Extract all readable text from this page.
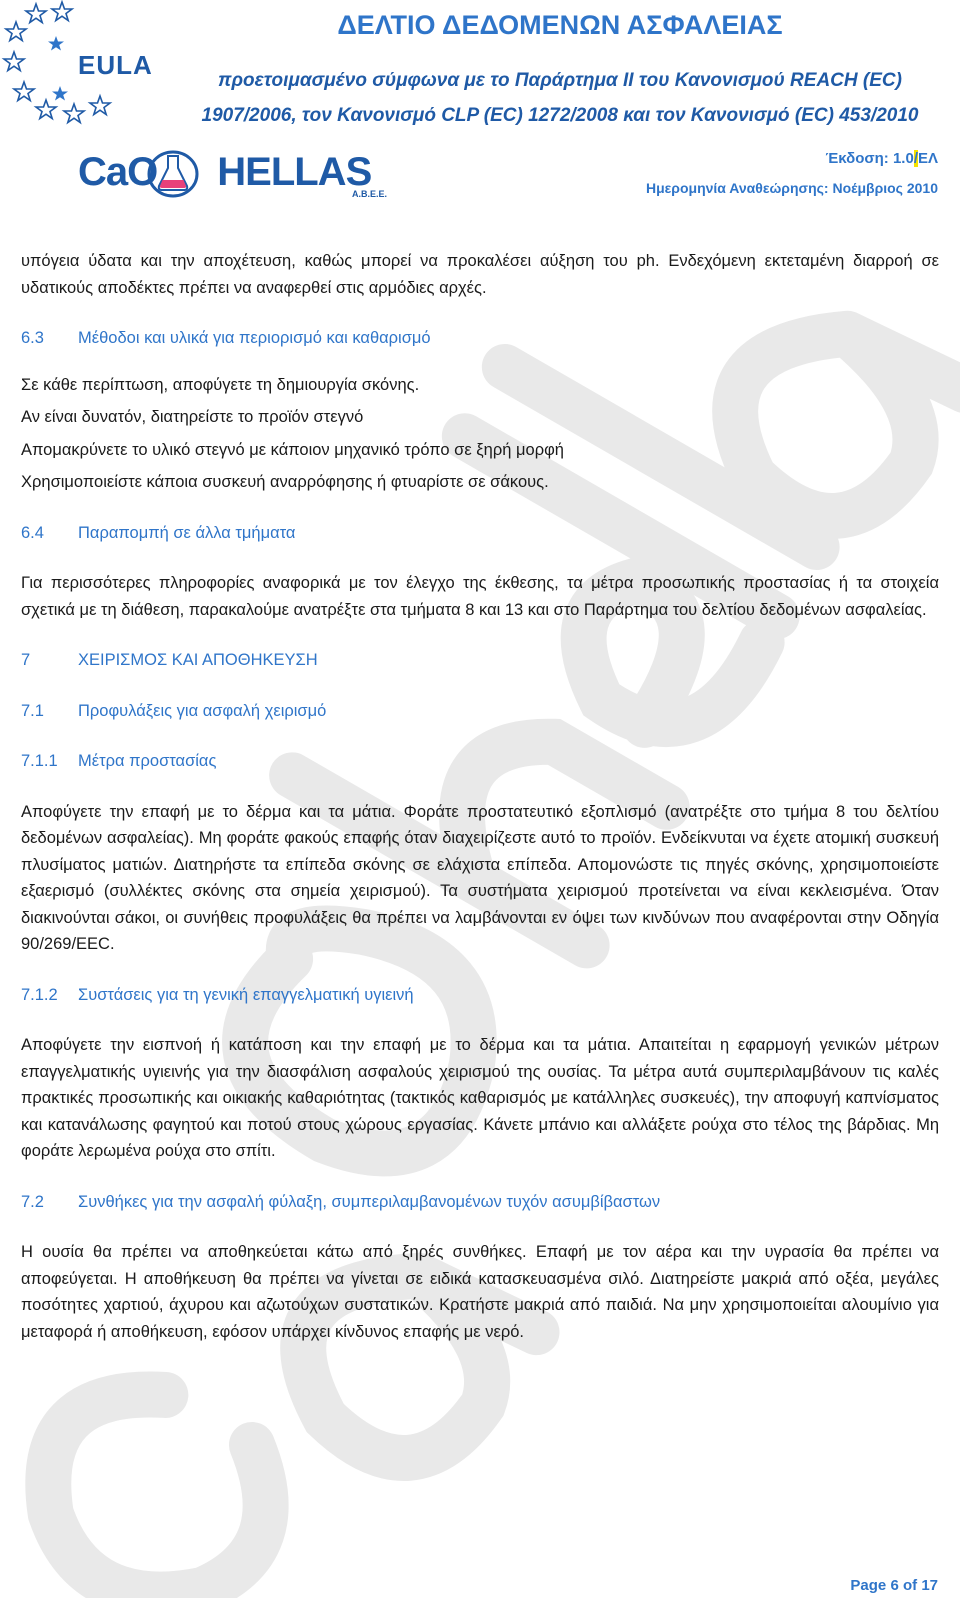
EULA
ΔΕΛΤΙΟ ΔΕΔΟΜΕΝΩΝ ΑΣΦΑΛΕΙΑΣ
προετοιμασμένο σύμφωνα με το Παράρτημα II του Κανονισμού REACH (EC)
1907/2006, τον Κανονισμό CLP (EC) 1272/2008 και τον Κανονισμό (EC) 453/2010
CaO HELLAS
A.B.E.E.
Έκδοση: 1.0/ΕΛ
Ημερομηνία Αναθεώρησης: Νοέμβριος 2010

υπόγεια ύδατα και την αποχέτευση, καθώς μπορεί να προκαλέσει αύξηση του ph. Ενδεχόμενη εκτεταμένη διαρροή σε υδατικούς αποδέκτες πρέπει να αναφερθεί στις αρμόδιες αρχές.

6.3 Μέθοδοι και υλικά για περιορισμό και καθαρισμό

Σε κάθε περίπτωση, αποφύγετε τη δημιουργία σκόνης.

Αν είναι δυνατόν, διατηρείστε το προϊόν στεγνό

Απομακρύνετε το υλικό στεγνό με κάποιον μηχανικό τρόπο σε ξηρή μορφή

Χρησιμοποιείστε κάποια συσκευή αναρρόφησης ή φτυαρίστε σε σάκους.

6.4 Παραπομπή σε άλλα τμήματα

Για περισσότερες πληροφορίες αναφορικά με τον έλεγχο της έκθεσης, τα μέτρα προσωπικής προστασίας ή τα στοιχεία σχετικά με τη διάθεση, παρακαλούμε ανατρέξτε στα τμήματα 8 και 13 και στο Παράρτημα του δελτίου δεδομένων ασφαλείας.

7	ΧΕΙΡΙΣΜΟΣ ΚΑΙ ΑΠΟΘΗΚΕΥΣΗ
7.1 Προφυλάξεις για ασφαλή χειρισμό
7.1.1 Μέτρα προστασίας

Αποφύγετε την επαφή με το δέρμα και τα μάτια. Φοράτε προστατευτικό εξοπλισμό (ανατρέξτε στο τμήμα 8 του δελτίου δεδομένων ασφαλείας). Μη φοράτε φακούς επαφής όταν διαχειρίζεστε αυτό το προϊόν. Ενδείκνυται να έχετε ατομική συσκευή πλυσίματος ματιών. Διατηρήστε τα επίπεδα σκόνης σε ελάχιστα επίπεδα. Απομονώστε τις πηγές σκόνης, χρησιμοποιείστε εξαερισμό (συλλέκτες σκόνης στα σημεία χειρισμού). Τα συστήματα χειρισμού προτείνεται να είναι κεκλεισμένα. Όταν διακινούνται σάκοι, οι συνήθεις προφυλάξεις θα πρέπει να λαμβάνονται εν όψει των κινδύνων που αναφέρονται στην Οδηγία 90/269/EEC.

7.1.2 Συστάσεις για τη γενική επαγγελματική υγιεινή

Αποφύγετε την εισπνοή ή κατάποση και την επαφή με το δέρμα και τα μάτια. Απαιτείται η εφαρμογή γενικών μέτρων επαγγελματικής υγιεινής για την διασφάλιση ασφαλούς χειρισμού της ουσίας. Τα μέτρα αυτά συμπεριλαμβάνουν τις καλές πρακτικές προσωπικής και οικιακής καθαριότητας (τακτικός καθαρισμός με κατάλληλες συσκευές), την αποφυγή καπνίσματος και κατανάλωσης φαγητού και ποτού στους χώρους εργασίας. Κάνετε μπάνιο και αλλάξετε ρούχα στο τέλος της βάρδιας. Μη φοράτε λερωμένα ρούχα στο σπίτι.

7.2 Συνθήκες για την ασφαλή φύλαξη, συμπεριλαμβανομένων τυχόν ασυμβίβαστων

Η ουσία θα πρέπει να αποθηκεύεται κάτω από ξηρές συνθήκες. Επαφή με τον αέρα και την υγρασία θα πρέπει να αποφεύγεται. Η αποθήκευση θα πρέπει να γίνεται σε ειδικά κατασκευασμένα σιλό. Διατηρείστε μακριά από οξέα, μεγάλες ποσότητες χαρτιού, άχυρου και αζωτούχων συστατικών. Κρατήστε μακριά από παιδιά. Να μην χρησιμοποιείται αλουμίνιο για μεταφορά ή αποθήκευση, εφόσον υπάρχει κίνδυνος επαφής με νερό.

Page 6 of 17
